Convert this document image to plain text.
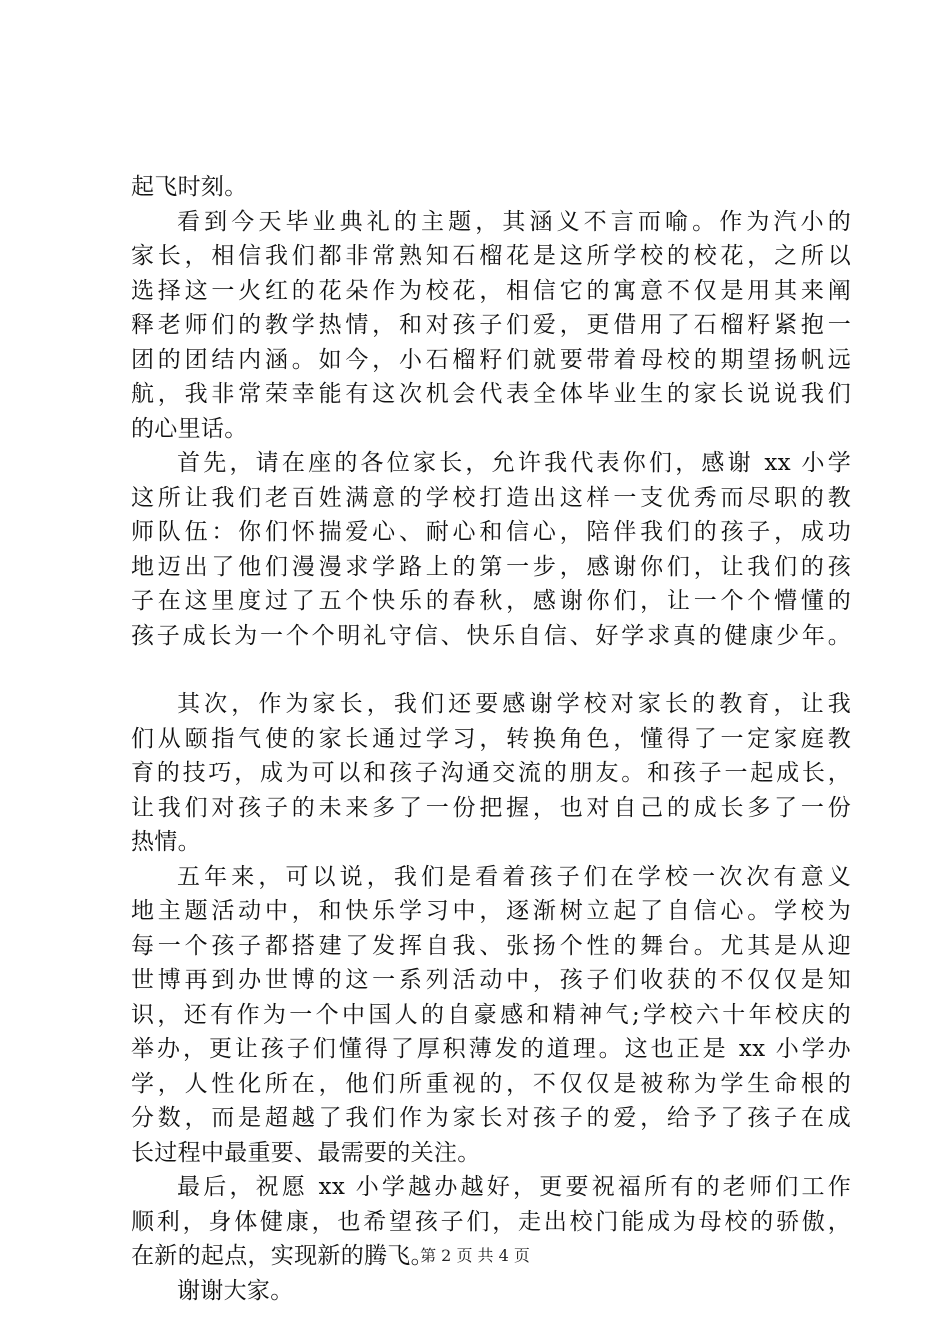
起飞时刻。
看到今天毕业典礼的主题，其涵义不言而喻。作为汽小的
家长，相信我们都非常熟知石榴花是这所学校的校花，之所以
选择这一火红的花朵作为校花，相信它的寓意不仅是用其来阐
释老师们的教学热情，和对孩子们爱，更借用了石榴籽紧抱一
团的团结内涵。如今，小石榴籽们就要带着母校的期望扬帆远
航，我非常荣幸能有这次机会代表全体毕业生的家长说说我们
的心里话。
首先，请在座的各位家长，允许我代表你们，感谢 xx 小学
这所让我们老百姓满意的学校打造出这样一支优秀而尽职的教
师队伍：你们怀揣爱心、耐心和信心，陪伴我们的孩子，成功
地迈出了他们漫漫求学路上的第一步，感谢你们，让我们的孩
子在这里度过了五个快乐的春秋，感谢你们，让一个个懵懂的
孩子成长为一个个明礼守信、快乐自信、好学求真的健康少年。
其次，作为家长，我们还要感谢学校对家长的教育，让我
们从颐指气使的家长通过学习，转换角色，懂得了一定家庭教
育的技巧，成为可以和孩子沟通交流的朋友。和孩子一起成长，
让我们对孩子的未来多了一份把握，也对自己的成长多了一份
热情。
五年来，可以说，我们是看着孩子们在学校一次次有意义
地主题活动中，和快乐学习中，逐渐树立起了自信心。学校为
每一个孩子都搭建了发挥自我、张扬个性的舞台。尤其是从迎
世博再到办世博的这一系列活动中，孩子们收获的不仅仅是知
识，还有作为一个中国人的自豪感和精神气;学校六十年校庆的
举办，更让孩子们懂得了厚积薄发的道理。这也正是 xx 小学办
学，人性化所在，他们所重视的，不仅仅是被称为学生命根的
分数，而是超越了我们作为家长对孩子的爱，给予了孩子在成
长过程中最重要、最需要的关注。
最后，祝愿 xx 小学越办越好，更要祝福所有的老师们工作
顺利，身体健康，也希望孩子们，走出校门能成为母校的骄傲，
在新的起点，实现新的腾飞。
谢谢大家。
第 2 页 共 4 页
